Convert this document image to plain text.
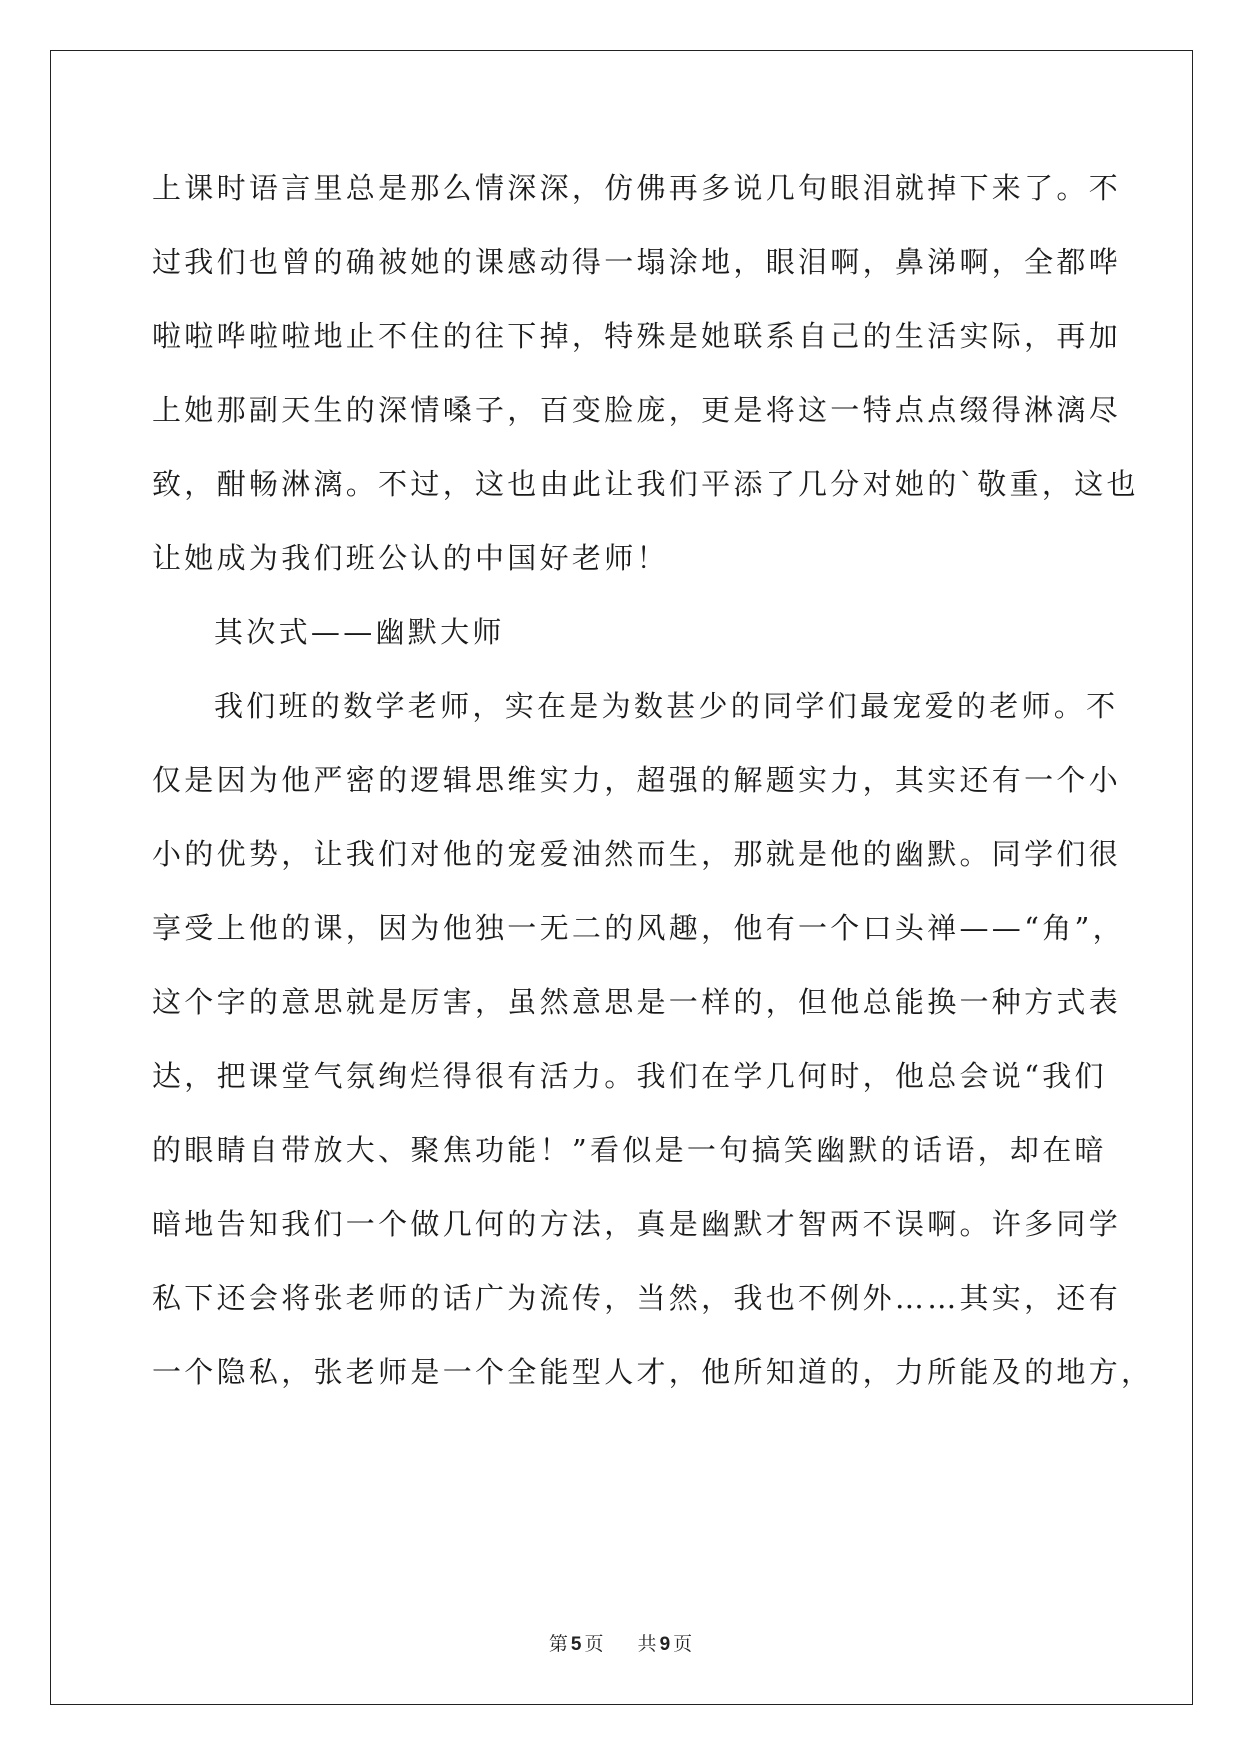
上课时语言里总是那么情深深，仿佛再多说几句眼泪就掉下来了。不
过我们也曾的确被她的课感动得一塌涂地，眼泪啊，鼻涕啊，全都哗
啦啦哗啦啦地止不住的往下掉，特殊是她联系自己的生活实际，再加
上她那副天生的深情嗓子，百变脸庞，更是将这一特点点缀得淋漓尽
致，酣畅淋漓。不过，这也由此让我们平添了几分对她的`敬重，这也
让她成为我们班公认的中国好老师！
其次式——幽默大师
我们班的数学老师，实在是为数甚少的同学们最宠爱的老师。不
仅是因为他严密的逻辑思维实力，超强的解题实力，其实还有一个小
小的优势，让我们对他的宠爱油然而生，那就是他的幽默。同学们很
享受上他的课，因为他独一无二的风趣，他有一个口头禅——“角”，
这个字的意思就是厉害，虽然意思是一样的，但他总能换一种方式表
达，把课堂气氛绚烂得很有活力。我们在学几何时，他总会说“我们
的眼睛自带放大、聚焦功能！”看似是一句搞笑幽默的话语，却在暗
暗地告知我们一个做几何的方法，真是幽默才智两不误啊。许多同学
私下还会将张老师的话广为流传，当然，我也不例外……其实，还有
一个隐私，张老师是一个全能型人才，他所知道的，力所能及的地方，
第 5 页 共 9 页
